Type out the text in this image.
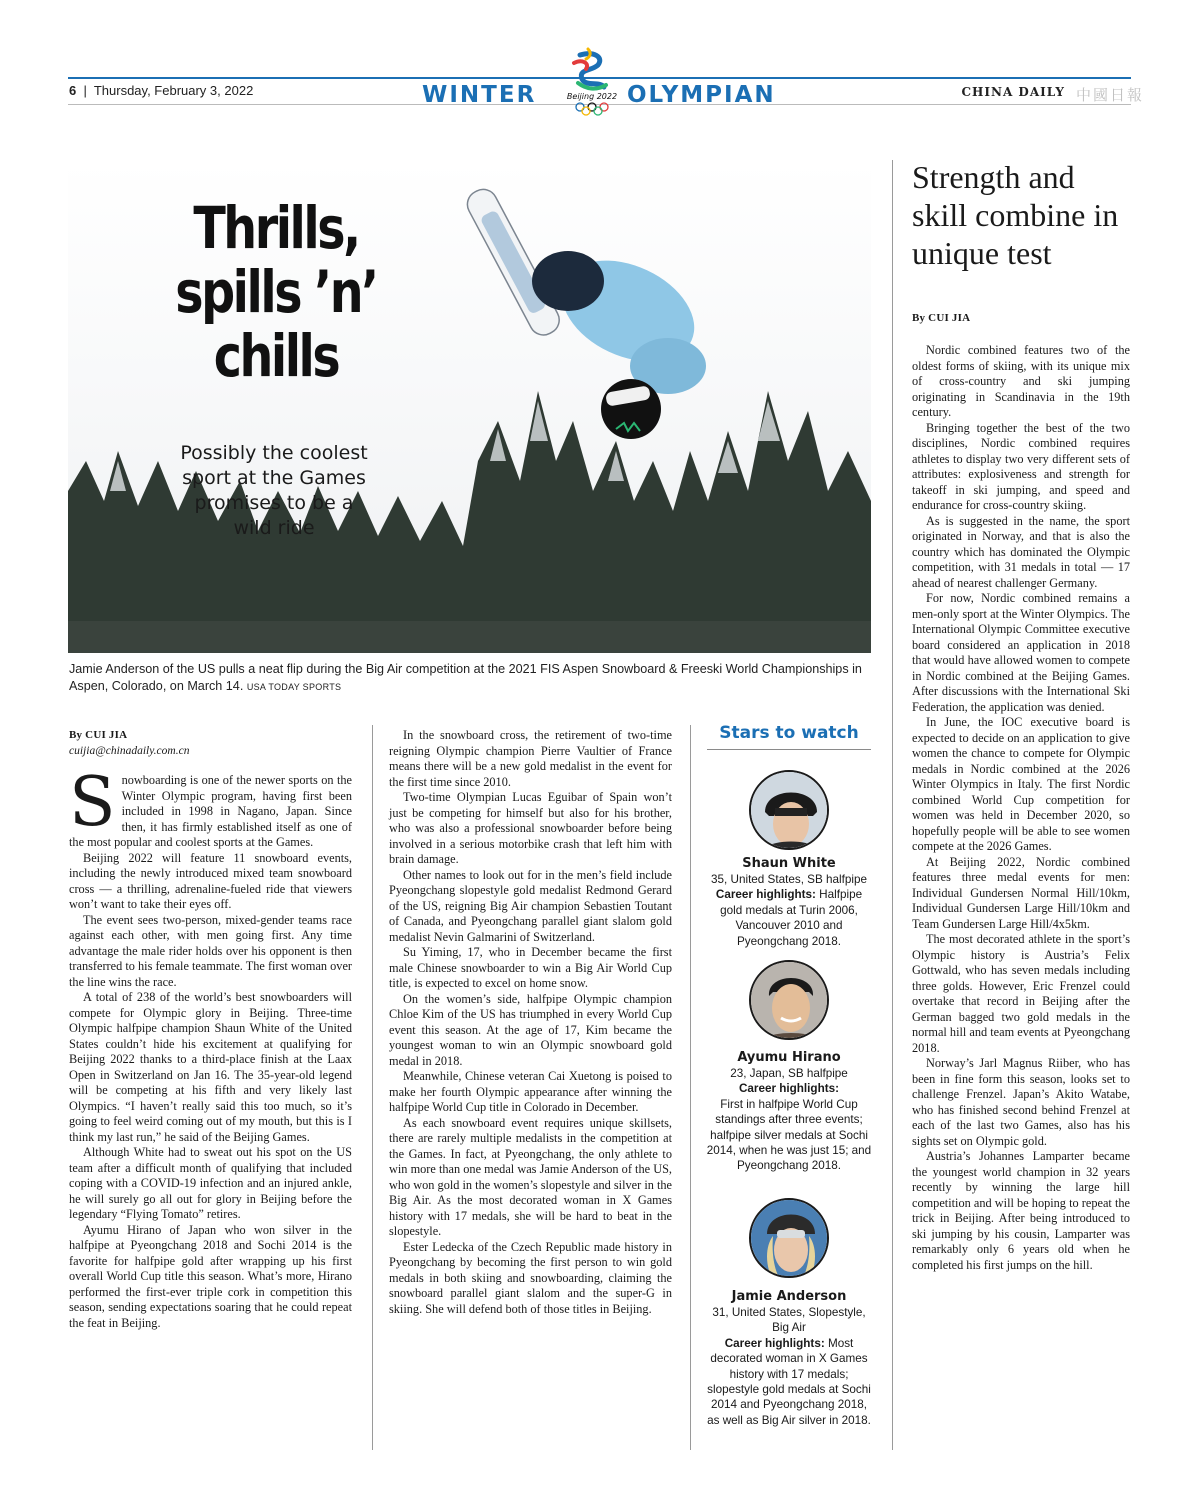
6  |  Thursday, February 3, 2022	WINTER	OLYMPIAN
Beijing 2022	CHINA DAILY 中國日報
Thrills,
spills ’n’
chills
Possibly the coolest
sport at the Games
promises to be a
wild ride
Jamie Anderson of the US pulls a neat flip during the Big Air competition at the 2021 FIS Aspen Snowboard & Freeski World Championships in Aspen, Colorado, on March 14. USA TODAY SPORTS
By CUI JIA
cuijia@chinadaily.com.cn

Snowboarding is one of the newer sports on the Winter Olympic program, having first been included in 1998 in Nagano, Japan. Since then, it has firmly established itself as one of the most popular and coolest sports at the Games.

Beijing 2022 will feature 11 snowboard events, including the newly introduced mixed team snowboard cross — a thrilling, adrenaline-fueled ride that viewers won’t want to take their eyes off.

The event sees two-person, mixed-gender teams race against each other, with men going first. Any time advantage the male rider holds over his opponent is then transferred to his female teammate. The first woman over the line wins the race.

A total of 238 of the world’s best snowboarders will compete for Olympic glory in Beijing. Three-time Olympic halfpipe champion Shaun White of the United States couldn’t hide his excitement at qualifying for Beijing 2022 thanks to a third-place finish at the Laax Open in Switzerland on Jan 16. The 35-year-old legend will be competing at his fifth and very likely last Olympics. “I haven’t really said this too much, so it’s going to feel weird coming out of my mouth, but this is I think my last run,” he said of the Beijing Games.

Although White had to sweat out his spot on the US team after a difficult month of qualifying that included coping with a COVID-19 infection and an injured ankle, he will surely go all out for glory in Beijing before the legendary “Flying Tomato” retires.

Ayumu Hirano of Japan who won silver in the halfpipe at Pyeongchang 2018 and Sochi 2014 is the favorite for halfpipe gold after wrapping up his first overall World Cup title this season. What’s more, Hirano performed the first-ever triple cork in competition this season, sending expectations soaring that he could repeat the feat in Beijing.

In the snowboard cross, the retirement of two-time reigning Olympic champion Pierre Vaultier of France means there will be a new gold medalist in the event for the first time since 2010.

Two-time Olympian Lucas Eguibar of Spain won’t just be competing for himself but also for his brother, who was also a professional snowboarder before being involved in a serious motorbike crash that left him with brain damage.

Other names to look out for in the men’s field include Pyeongchang slopestyle gold medalist Redmond Gerard of the US, reigning Big Air champion Sebastien Toutant of Canada, and Pyeongchang parallel giant slalom gold medalist Nevin Galmarini of Switzerland.

Su Yiming, 17, who in December became the first male Chinese snowboarder to win a Big Air World Cup title, is expected to excel on home snow.

On the women’s side, halfpipe Olympic champion Chloe Kim of the US has triumphed in every World Cup event this season. At the age of 17, Kim became the youngest woman to win an Olympic snowboard gold medal in 2018.

Meanwhile, Chinese veteran Cai Xuetong is poised to make her fourth Olympic appearance after winning the halfpipe World Cup title in Colorado in December.

As each snowboard event requires unique skillsets, there are rarely multiple medalists in the competition at the Games. In fact, at Pyeongchang, the only athlete to win more than one medal was Jamie Anderson of the US, who won gold in the women’s slopestyle and silver in the Big Air. As the most decorated woman in X Games history with 17 medals, she will be hard to beat in the slopestyle.

Ester Ledecka of the Czech Republic made history in Pyeongchang by becoming the first person to win gold medals in both skiing and snowboarding, claiming the snowboard parallel giant slalom and the super-G in skiing. She will defend both of those titles in Beijing.

Stars to watch
Shaun White
35, United States, SB halfpipe
Career highlights: Halfpipe gold medals at Turin 2006, Vancouver 2010 and Pyeongchang 2018.
Ayumu Hirano
23, Japan, SB halfpipe
Career highlights:
First in halfpipe World Cup standings after three events; halfpipe silver medals at Sochi 2014, when he was just 15; and Pyeongchang 2018.
Jamie Anderson
31, United States, Slopestyle, Big Air
Career highlights: Most decorated woman in X Games history with 17 medals; slopestyle gold medals at Sochi 2014 and Pyeongchang 2018, as well as Big Air silver in 2018.
Strength and skill combine in unique test
By CUI JIA

Nordic combined features two of the oldest forms of skiing, with its unique mix of cross-country and ski jumping originating in Scandinavia in the 19th century.

Bringing together the best of the two disciplines, Nordic combined requires athletes to display two very different sets of attributes: explosiveness and strength for takeoff in ski jumping, and speed and endurance for cross-country skiing.

As is suggested in the name, the sport originated in Norway, and that is also the country which has dominated the Olympic competition, with 31 medals in total — 17 ahead of nearest challenger Germany.

For now, Nordic combined remains a men-only sport at the Winter Olympics. The International Olympic Committee executive board considered an application in 2018 that would have allowed women to compete in Nordic combined at the Beijing Games. After discussions with the International Ski Federation, the application was denied.

In June, the IOC executive board is expected to decide on an application to give women the chance to compete for Olympic medals in Nordic combined at the 2026 Winter Olympics in Italy. The first Nordic combined World Cup competition for women was held in December 2020, so hopefully people will be able to see women compete at the 2026 Games.

At Beijing 2022, Nordic combined features three medal events for men: Individual Gundersen Normal Hill/10km, Individual Gundersen Large Hill/10km and Team Gundersen Large Hill/4x5km.

The most decorated athlete in the sport’s Olympic history is Austria’s Felix Gottwald, who has seven medals including three golds. However, Eric Frenzel could overtake that record in Beijing after the German bagged two gold medals in the normal hill and team events at Pyeongchang 2018.

Norway’s Jarl Magnus Riiber, who has been in fine form this season, looks set to challenge Frenzel. Japan’s Akito Watabe, who has finished second behind Frenzel at each of the last two Games, also has his sights set on Olympic gold.

Austria’s Johannes Lamparter became the youngest world champion in 32 years recently by winning the large hill competition and will be hoping to repeat the trick in Beijing. After being introduced to ski jumping by his cousin, Lamparter was remarkably only 6 years old when he completed his first jumps on the hill.
